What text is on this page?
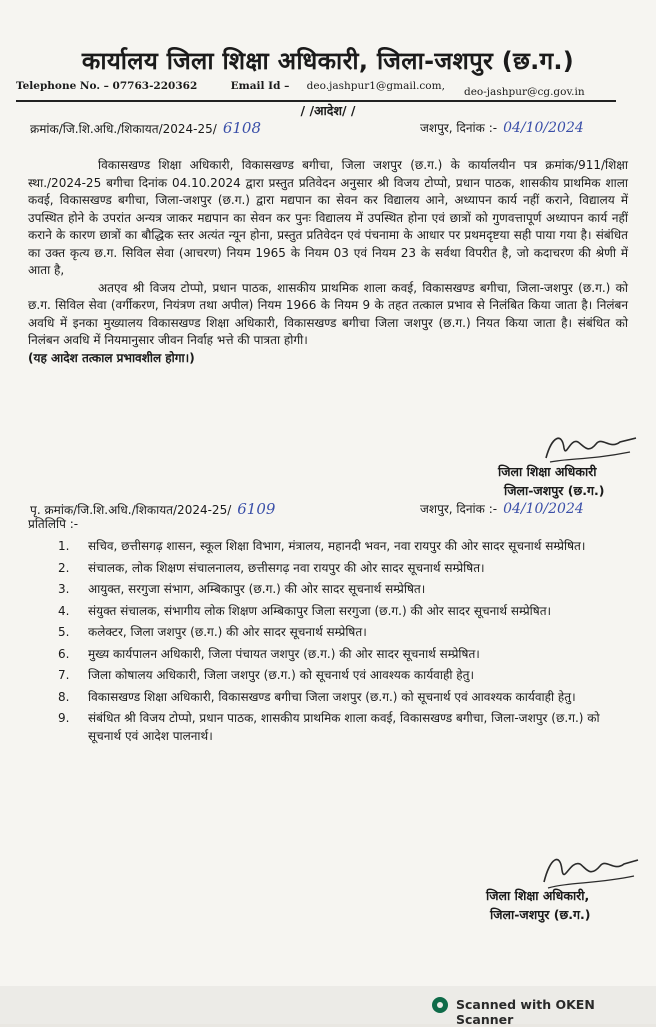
कार्यालय जिला शिक्षा अधिकारी, जिला-जशपुर (छ.ग.)
Telephone No. – 07763-220362	Email Id – deo.jashpur1@gmail.com, deo-jashpur@cg.gov.in
/ /आदेश/ /
क्रमांक/जि.शि.अधि./शिकायत/2024-25/ 6108	जशपुर, दिनांक :- 04/10/2024

विकासखण्ड शिक्षा अधिकारी, विकासखण्ड बगीचा, जिला जशपुर (छ.ग.) के कार्यालयीन पत्र क्रमांक/911/शिक्षा स्था./2024-25 बगीचा दिनांक 04.10.2024 द्वारा प्रस्तुत प्रतिवेदन अनुसार श्री विजय टोप्पो, प्रधान पाठक, शासकीय प्राथमिक शाला कवई, विकासखण्ड बगीचा, जिला-जशपुर (छ.ग.) द्वारा मद्यपान का सेवन कर विद्यालय आने, अध्यापन कार्य नहीं कराने, विद्यालय में उपस्थित होने के उपरांत अन्यत्र जाकर मद्यपान का सेवन कर पुनः विद्यालय में उपस्थित होना एवं छात्रों को गुणवत्तापूर्ण अध्यापन कार्य नहीं कराने के कारण छात्रों का बौद्धिक स्तर अत्यंत न्यून होना, प्रस्तुत प्रतिवेदन एवं पंचनामा के आधार पर प्रथमदृष्टया सही पाया गया है। संबंधित का उक्त कृत्य छ.ग. सिविल सेवा (आचरण) नियम 1965 के नियम 03 एवं नियम 23 के सर्वथा विपरीत है, जो कदाचरण की श्रेणी में आता है,

अतएव श्री विजय टोप्पो, प्रधान पाठक, शासकीय प्राथमिक शाला कवई, विकासखण्ड बगीचा, जिला-जशपुर (छ.ग.) को छ.ग. सिविल सेवा (वर्गीकरण, नियंत्रण तथा अपील) नियम 1966 के नियम 9 के तहत तत्काल प्रभाव से निलंबित किया जाता है। निलंबन अवधि में इनका मुख्यालय विकासखण्ड शिक्षा अधिकारी, विकासखण्ड बगीचा जिला जशपुर (छ.ग.) नियत किया जाता है। संबंधित को निलंबन अवधि में नियमानुसार जीवन निर्वाह भत्ते की पात्रता होगी।

(यह आदेश तत्काल प्रभावशील होगा।)

जिला शिक्षा अधिकारी
जिला-जशपुर (छ.ग.)
पृ. क्रमांक/जि.शि.अधि./शिकायत/2024-25/ 6109	जशपुर, दिनांक :- 04/10/2024
प्रतिलिपि :-
1. सचिव, छत्तीसगढ़ शासन, स्कूल शिक्षा विभाग, मंत्रालय, महानदी भवन, नवा रायपुर की ओर सादर सूचनार्थ सम्प्रेषित।
2. संचालक, लोक शिक्षण संचालनालय, छत्तीसगढ़ नवा रायपुर की ओर सादर सूचनार्थ सम्प्रेषित।
3. आयुक्त, सरगुजा संभाग, अम्बिकापुर (छ.ग.) की ओर सादर सूचनार्थ सम्प्रेषित।
4. संयुक्त संचालक, संभागीय लोक शिक्षण अम्बिकापुर जिला सरगुजा (छ.ग.) की ओर सादर सूचनार्थ सम्प्रेषित।
5. कलेक्टर, जिला जशपुर (छ.ग.) की ओर सादर सूचनार्थ सम्प्रेषित।
6. मुख्य कार्यपालन अधिकारी, जिला पंचायत जशपुर (छ.ग.) की ओर सादर सूचनार्थ सम्प्रेषित।
7. जिला कोषालय अधिकारी, जिला जशपुर (छ.ग.) को सूचनार्थ एवं आवश्यक कार्यवाही हेतु।
8. विकासखण्ड शिक्षा अधिकारी, विकासखण्ड बगीचा जिला जशपुर (छ.ग.) को सूचनार्थ एवं आवश्यक कार्यवाही हेतु।
9. संबंधित श्री विजय टोप्पो, प्रधान पाठक, शासकीय प्राथमिक शाला कवई, विकासखण्ड बगीचा, जिला-जशपुर (छ.ग.) को सूचनार्थ एवं आदेश पालनार्थ।
जिला शिक्षा अधिकारी,
जिला-जशपुर (छ.ग.)
Scanned with OKEN Scanner
